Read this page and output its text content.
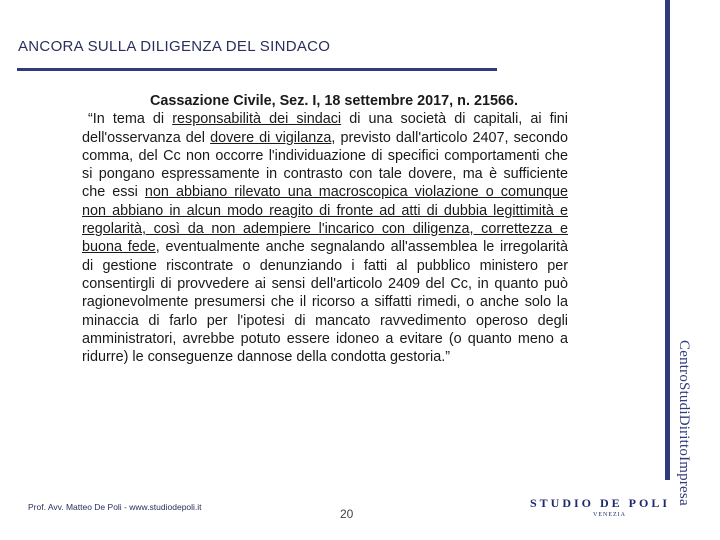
ANCORA SULLA DILIGENZA DEL SINDACO
CentroStudiDirittoImpresa
Cassazione Civile, Sez. I, 18 settembre 2017, n. 21566.
“In tema di responsabilità dei sindaci di una società di capitali, ai fini dell'osservanza del dovere di vigilanza, previsto dall'articolo 2407, secondo comma, del Cc non occorre l'individuazione di specifici comportamenti che si pongano espressamente in contrasto con tale dovere, ma è sufficiente che essi non abbiano rilevato una macroscopica violazione o comunque non abbiano in alcun modo reagito di fronte ad atti di dubbia legittimità e regolarità, così da non adempiere l'incarico con diligenza, correttezza e buona fede, eventualmente anche segnalando all'assemblea le irregolarità di gestione riscontrate o denunziando i fatti al pubblico ministero per consentirgli di provvedere ai sensi dell'articolo 2409 del Cc, in quanto può ragionevolmente presumersi che il ricorso a siffatti rimedi, o anche solo la minaccia di farlo per l'ipotesi di mancato ravvedimento operoso degli amministratori, avrebbe potuto essere idoneo a evitare (o quanto meno a ridurre) le conseguenze dannose della condotta gestoria.”
Prof. Avv. Matteo De Poli - www.studiodepoli.it	20
STUDIO DE POLI
VENEZIA
